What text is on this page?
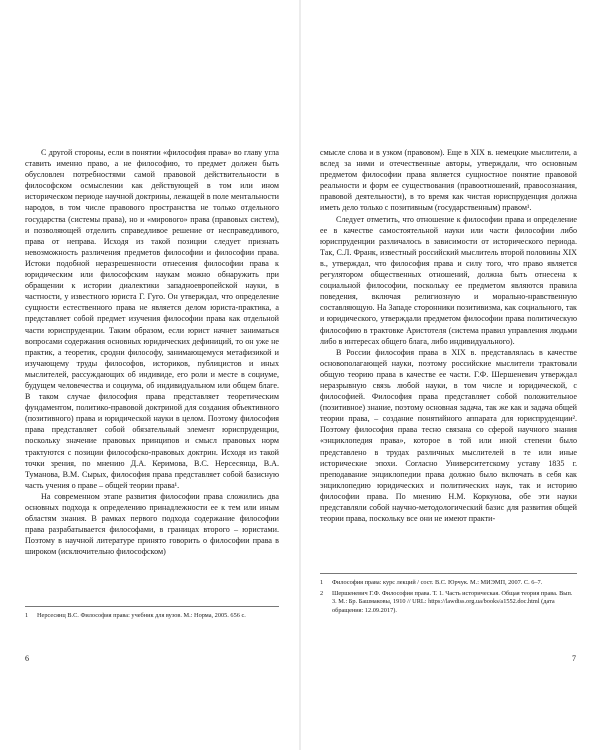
С другой стороны, если в понятии «философия права» во главу угла ставить именно право, а не философию, то предмет должен быть обусловлен потребностями самой правовой действительности в философском осмыслении как действующей в том или ином историческом периоде научной доктрины, лежащей в поле ментальности народов, в том числе правового пространства не только отдельного государства (системы права), но и «мирового» права (правовых систем), и позволяющей отделить справедливое решение от несправедливого, права от неправа. Исходя из такой позиции следует признать невозможность различения предметов философии и философии права. Истоки подобной неразрешенности отнесения философии права к юридическим или философским наукам можно обнаружить при обращении к истории диалектики западноевропейской науки, в частности, у известного юриста Г. Гуго. Он утверждал, что определение сущности естественного права не является делом юриста-практика, а представляет собой предмет изучения философии права как отдельной части юриспруденции. Таким образом, если юрист начнет заниматься вопросами содержания основных юридических дефиниций, то он уже не практик, а теоретик, сродни философу, занимающемуся метафизикой и изучающему труды философов, историков, публицистов и иных мыслителей, рассуждающих об индивиде, его роли и месте в социуме, будущем человечества и социума, об индивидуальном или общем благе. В таком случае философия права представляет теоретическим фундаментом, политико-правовой доктриной для создания объективного (позитивного) права и юридической науки в целом. Поэтому философия права представляет собой обязательный элемент юриспруденции, поскольку значение правовых принципов и смысл правовых норм трактуются с позиции философско-правовых доктрин. Исходя из такой точки зрения, по мнению Д.А. Керимова, В.С. Нерсесянца, В.А. Туманова, В.М. Сырых, философия права представляет собой базисную часть учения о праве – общей теории права¹.

На современном этапе развития философии права сложились два основных подхода к определению принадлежности ее к тем или иным областям знания. В рамках первого подхода содержание философии права разрабатывается философами, в границах второго – юристами. Поэтому в научной литературе принято говорить о философии права в широком (исключительно философском)

1 Нерсесянц В.С. Философия права: учебник для вузов. М.: Норма, 2005. 656 с.

6

смысле слова и в узком (правовом). Еще в XIX в. немецкие мыслители, а вслед за ними и отечественные авторы, утверждали, что основным предметом философии права является сущностное понятие правовой реальности и форм ее существования (правоотношений, правосознания, правовой деятельности), в то время как чистая юриспруденция должна иметь дело только с позитивным (государственным) правом¹.

Следует отметить, что отношение к философии права и определение ее в качестве самостоятельной науки или части философии либо юриспруденции различалось в зависимости от исторического периода. Так, С.Л. Франк, известный российский мыслитель второй половины XIX в., утверждал, что философия права и силу того, что право является регулятором общественных отношений, должна быть отнесена к социальной философии, поскольку ее предметом являются правила поведения, включая религиозную и морально-нравственную составляющую. На Западе сторонники позитивизма, как социального, так и юридического, утверждали предметом философии права политическую философию в трактовке Аристотеля (система правил управления людьми либо в интересах общего блага, либо индивидуального).

В России философия права в XIX в. представлялась в качестве основополагающей науки, поэтому российские мыслители трактовали общую теорию права в качестве ее части. Г.Ф. Шершеневич утверждал неразрывную связь любой науки, в том числе и юридической, с философией. Философия права представляет собой положительное (позитивное) знание, поэтому основная задача, так же как и задача общей теории права, – создание понятийного аппарата для юриспруденции². Поэтому философия права тесно связана со сферой научного знания «энциклопедия права», которое в той или иной степени было представлено в трудах различных мыслителей в те или иные исторические эпохи. Согласно Университетскому уставу 1835 г. преподавание энциклопедии права должно было включать в себя как энциклопедию юридических и политических наук, так и историю философии права. По мнению Н.М. Коркунова, обе эти науки представляли собой научно-методологический базис для развития общей теории права, поскольку все они не имеют практи-

1 Философия права: курс лекций / сост. В.С. Юрчук. М.: МИЭМП, 2007. С. 6–7.

2 Шершеневич Г.Ф. Философия права. Т. 1. Часть историческая. Общая теория права. Вып. 3. М.: Бр. Башмаковы, 1910 // URL: https://lawdiss.org.ua/books/a1552.doc.html (дата обращения: 12.09.2017).

7
